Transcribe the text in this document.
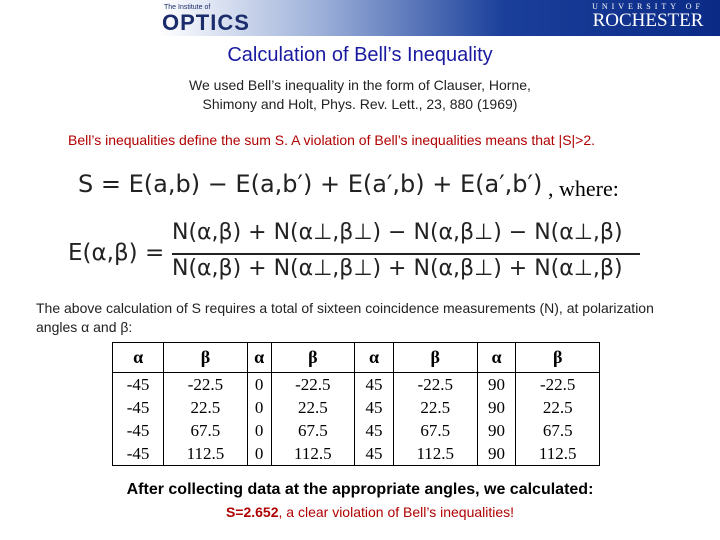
The Institute of
OPTICS
UNIVERSITY OF
ROCHESTER
Calculation of Bell’s Inequality
We used Bell’s inequality in the form of Clauser, Horne,
Shimony and Holt, Phys. Rev. Lett., 23, 880 (1969)
Bell’s inequalities define the sum S. A violation of Bell’s inequalities means that |S|>2.
S = E(a,b) − E(a,b′) + E(a′,b) + E(a′,b′) , where:
E(α,β) =
N(α,β) + N(α⊥,β⊥) − N(α,β⊥) − N(α⊥,β)
N(α,β) + N(α⊥,β⊥) + N(α,β⊥) + N(α⊥,β)
The above calculation of S requires a total of sixteen coincidence measurements (N), at polarization angles α and β:
α	β	α	β	α	β	α	β
-45	-22.5	0	-22.5	45	-22.5	90	-22.5
-45	22.5	0	22.5	45	22.5	90	22.5
-45	67.5	0	67.5	45	67.5	90	67.5
-45	112.5	0	112.5	45	112.5	90	112.5
After collecting data at the appropriate angles, we calculated:
S=2.652, a clear violation of Bell’s inequalities!
